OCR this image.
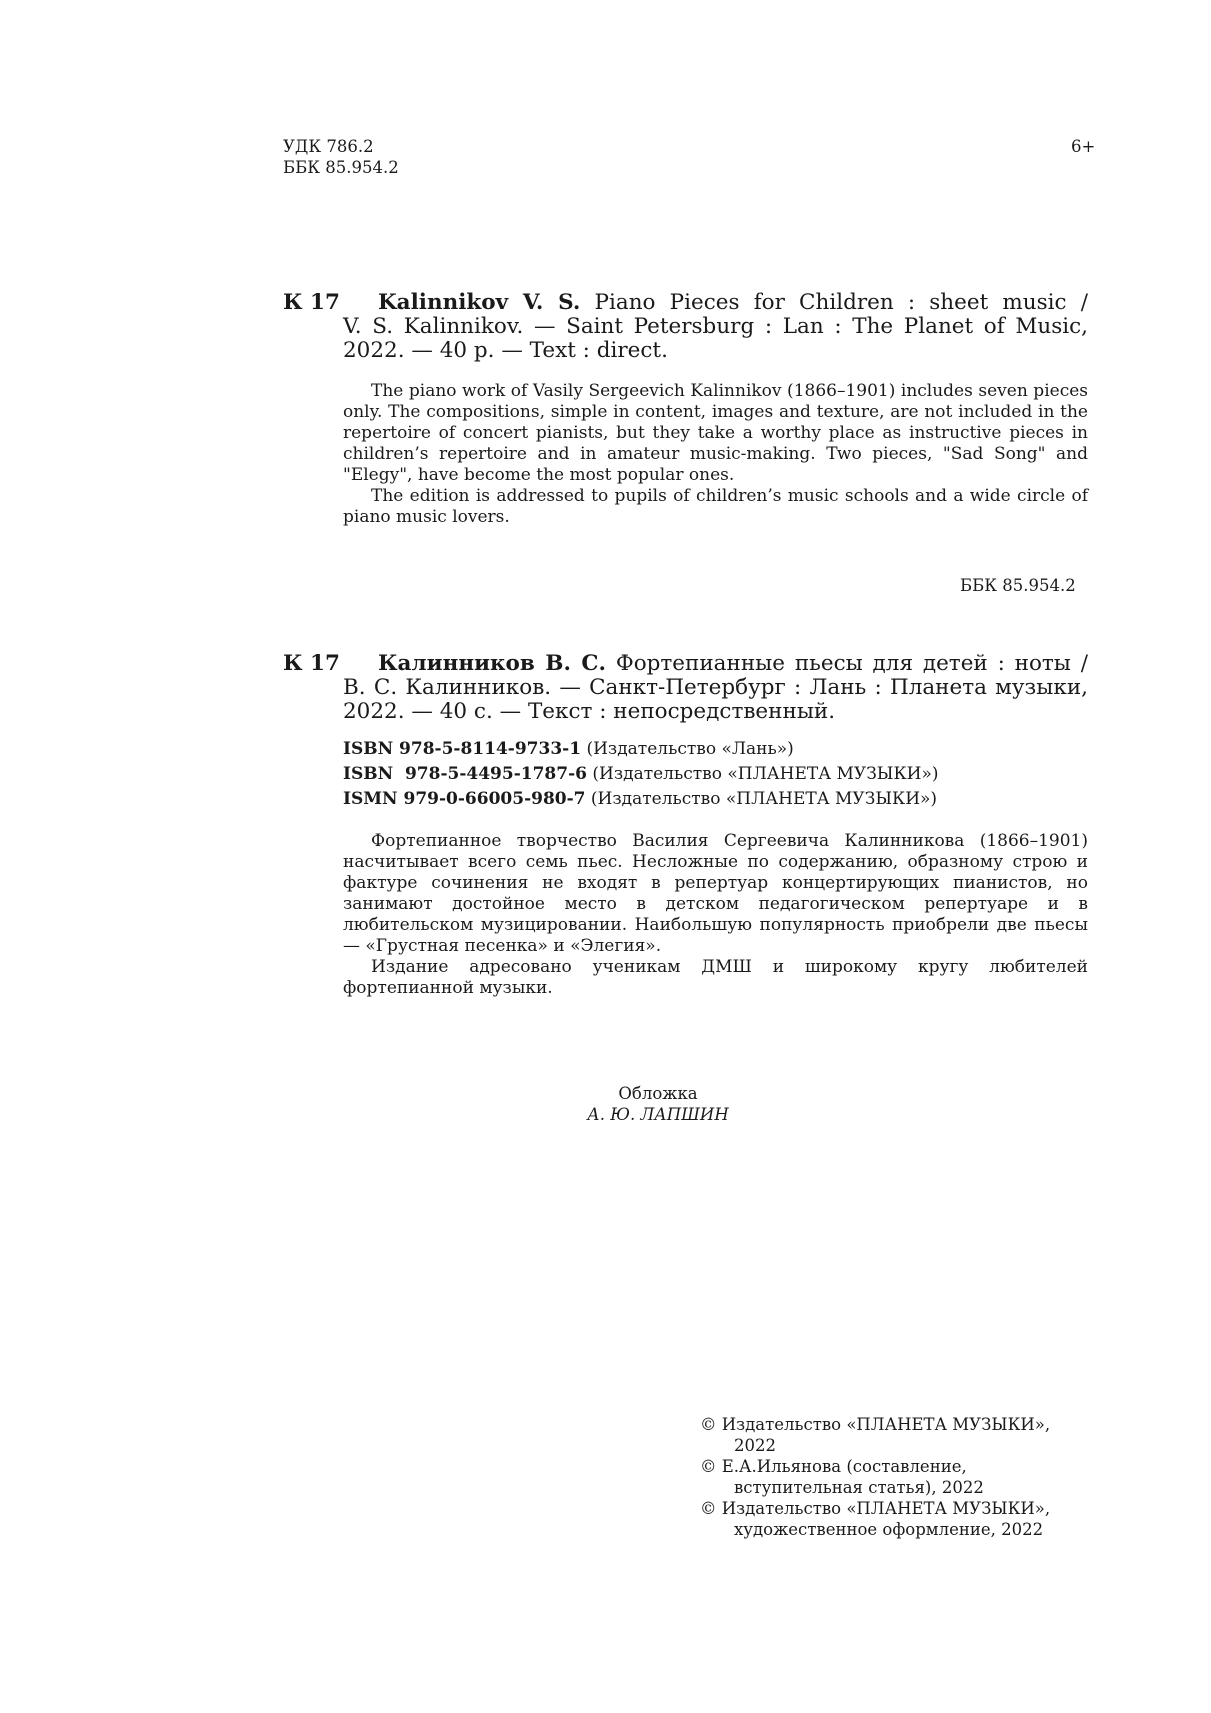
УДК 786.2
ББК 85.954.2
6+
К 17	Kalinnikov V. S. Piano Pieces for Children : sheet music /
V. S. Kalinnikov. — Saint Petersburg : Lan : The Planet of Music,
2022. — 40 p. — Text : direct.
The piano work of Vasily Sergeevich Kalinnikov (1866–1901) includes seven pieces only. The compositions, simple in content, images and texture, are not included in the repertoire of concert pianists, but they take a worthy place as instructive pieces in children’s repertoire and in amateur music-making. Two pieces, "Sad Song" and "Elegy", have become the most popular ones.
The edition is addressed to pupils of children’s music schools and a wide circle of piano music lovers.
ББК 85.954.2
К 17	Калинников В. С. Фортепианные пьесы для детей : ноты /
В. С. Калинников. — Санкт-Петербург : Лань : Планета музыки,
2022. — 40 с. — Текст : непосредственный.
ISBN 978-5-8114-9733-1 (Издательство «Лань»)
ISBN  978-5-4495-1787-6 (Издательство «ПЛАНЕТА МУЗЫКИ»)
ISMN 979-0-66005-980-7 (Издательство «ПЛАНЕТА МУЗЫКИ»)
Фортепианное творчество Василия Сергеевича Калинникова (1866–1901) насчитывает всего семь пьес. Несложные по содержанию, образному строю и фактуре сочинения не входят в репертуар концертирующих пианистов, но занимают достойное место в детском педагогическом репертуаре и в любительском музицировании. Наибольшую популярность приобрели две пьесы — «Грустная песенка» и «Элегия».
Издание адресовано ученикам ДМШ и широкому кругу любителей фортепианной музыки.
Обложка
А. Ю. ЛАПШИН
© Издательство «ПЛАНЕТА МУЗЫКИ», 2022
© Е.А.Ильянова (составление, вступительная статья), 2022
© Издательство «ПЛАНЕТА МУЗЫКИ», художественное оформление, 2022
